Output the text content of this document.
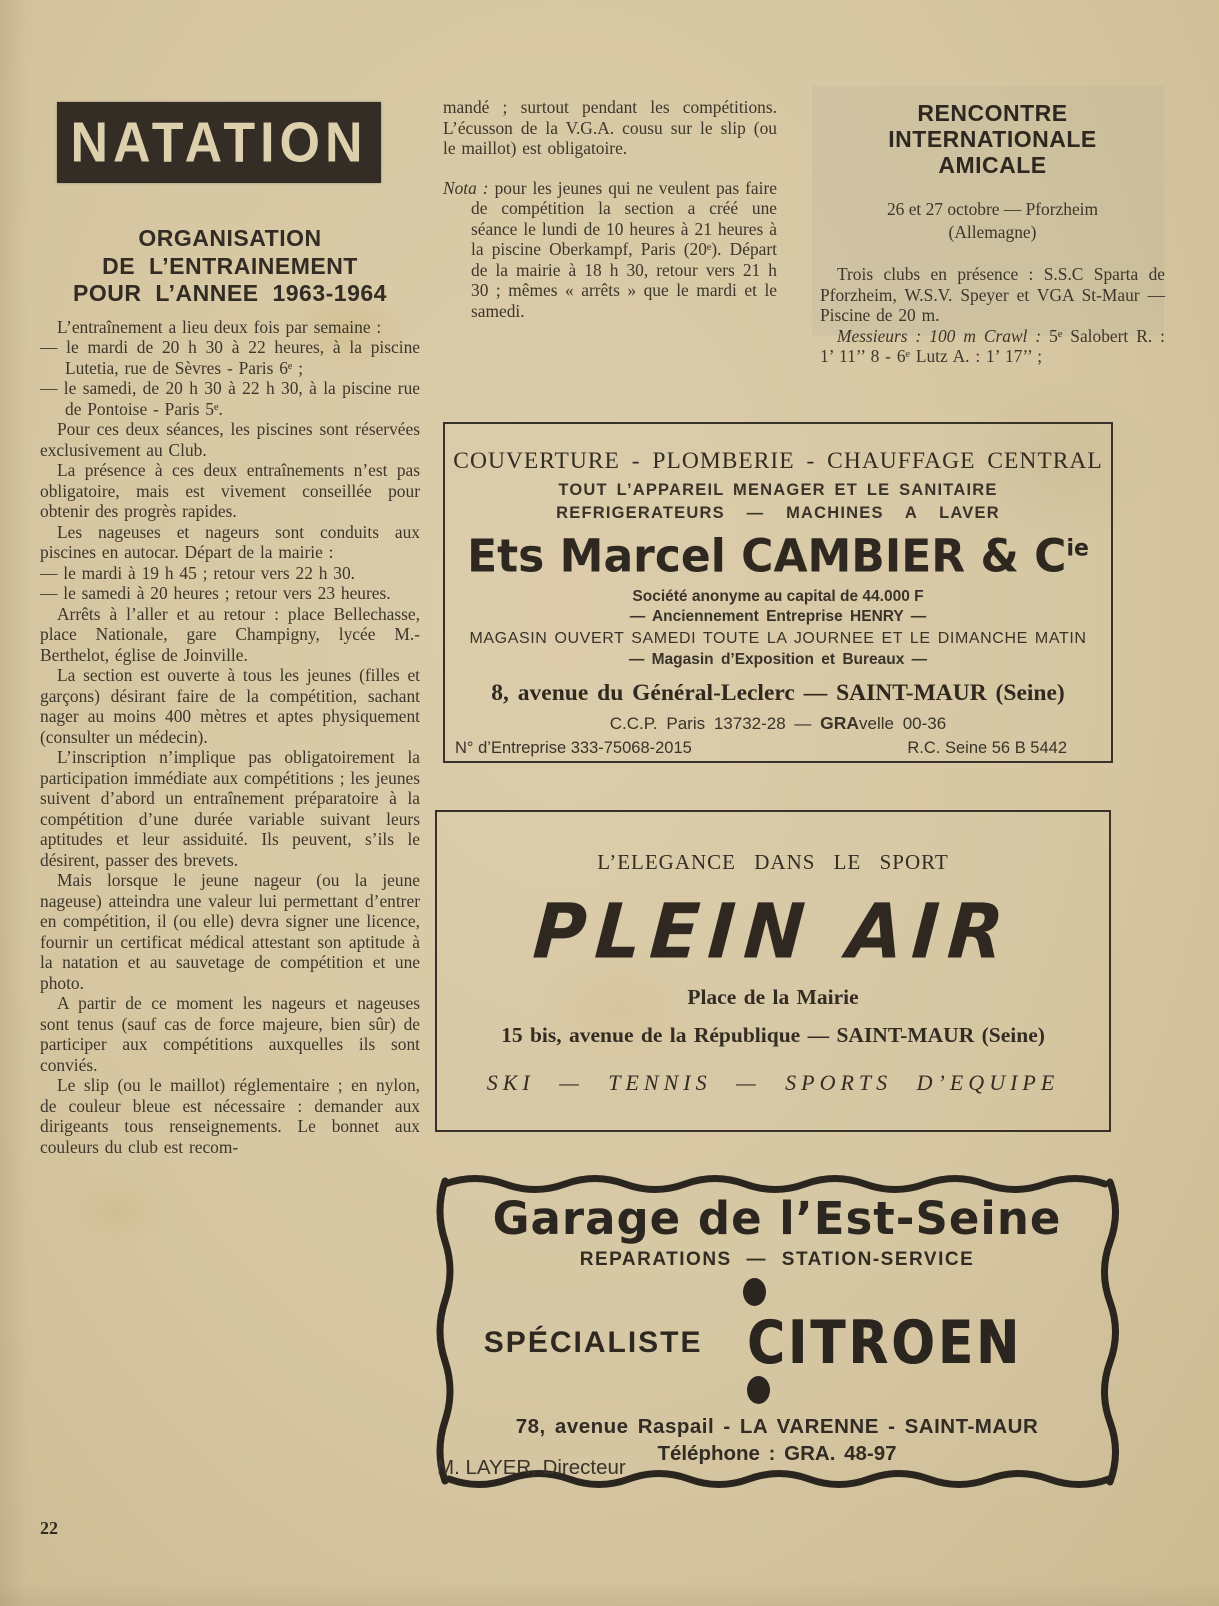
NATATION
ORGANISATION
DE L’ENTRAINEMENT
POUR L’ANNEE 1963-1964

L’entraînement a lieu deux fois par semaine :

— le mardi de 20 h 30 à 22 heures, à la piscine Lutetia, rue de Sèvres - Paris 6ᵉ ;

— le samedi, de 20 h 30 à 22 h 30, à la piscine rue de Pontoise - Paris 5ᵉ.

Pour ces deux séances, les piscines sont réservées exclusivement au Club.

La présence à ces deux entraînements n’est pas obligatoire, mais est vivement conseillée pour obtenir des progrès rapides.

Les nageuses et nageurs sont conduits aux piscines en autocar. Départ de la mairie :

— le mardi à 19 h 45 ; retour vers 22 h 30.

— le samedi à 20 heures ; retour vers 23 heures.

Arrêts à l’aller et au retour : place Bellechasse, place Nationale, gare Champigny, lycée M.-Berthelot, église de Joinville.

La section est ouverte à tous les jeunes (filles et garçons) désirant faire de la compétition, sachant nager au moins 400 mètres et aptes physiquement (consulter un médecin).

L’inscription n’implique pas obligatoirement la participation immédiate aux compétitions ; les jeunes suivent d’abord un entraînement préparatoire à la compétition d’une durée variable suivant leurs aptitudes et leur assiduité. Ils peuvent, s’ils le désirent, passer des brevets.

Mais lorsque le jeune nageur (ou la jeune nageuse) atteindra une valeur lui permettant d’entrer en compétition, il (ou elle) devra signer une licence, fournir un certificat médical attestant son aptitude à la natation et au sauvetage de compétition et une photo.

A partir de ce moment les nageurs et nageuses sont tenus (sauf cas de force majeure, bien sûr) de participer aux compétitions auxquelles ils sont conviés.

Le slip (ou le maillot) réglementaire ; en nylon, de couleur bleue est nécessaire : demander aux dirigeants tous renseignements. Le bonnet aux couleurs du club est recom-

mandé ; surtout pendant les compétitions. L’écusson de la V.G.A. cousu sur le slip (ou le maillot) est obligatoire.

Nota : pour les jeunes qui ne veulent pas faire de compétition la section a créé une séance le lundi de 10 heures à 21 heures à la piscine Oberkampf, Paris (20ᵉ). Départ de la mairie à 18 h 30, retour vers 21 h 30 ; mêmes « arrêts » que le mardi et le samedi.

RENCONTRE
INTERNATIONALE
AMICALE
26 et 27 octobre — Pforzheim
(Allemagne)

Trois clubs en présence : S.S.C Sparta de Pforzheim, W.S.V. Speyer et VGA St-Maur — Piscine de 20 m.

Messieurs : 100 m Crawl : 5ᵉ Salobert R. : 1’ 11’’ 8 - 6ᵉ Lutz A. : 1’ 17’’ ;

COUVERTURE - PLOMBERIE - CHAUFFAGE CENTRAL
TOUT L’APPAREIL MENAGER ET LE SANITAIRE
REFRIGERATEURS — MACHINES A LAVER
Ets Marcel CAMBIER & $C^{ie}$
Société anonyme au capital de 44.000 F
— Anciennement Entreprise HENRY —
MAGASIN OUVERT SAMEDI TOUTE LA JOURNEE ET LE DIMANCHE MATIN
— Magasin d’Exposition et Bureaux —
8, avenue du Général-Leclerc — SAINT-MAUR (Seine)
C.C.P. Paris 13732-28 — GRAvelle 00-36
N° d’Entreprise 333-75068-2015	R.C. Seine 56 B 5442
L’ELEGANCE DANS LE SPORT
PLEIN AIR
Place de la Mairie
15 bis, avenue de la République — SAINT-MAUR (Seine)
SKI — TENNIS — SPORTS D’EQUIPE
Garage de l’Est-Seine
REPARATIONS — STATION-SERVICE
SPÉCIALISTE CITROEN
78, avenue Raspail - LA VARENNE - SAINT-MAUR
Téléphone : GRA. 48-97
M. LAYER, Directeur
22
